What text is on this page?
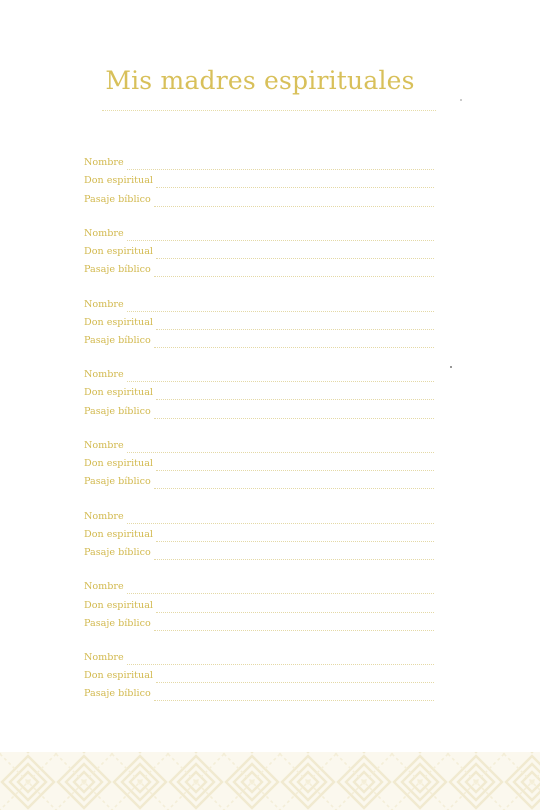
Mis madres espirituales
Nombre
Don espiritual
Pasaje bíblico
Nombre
Don espiritual
Pasaje bíblico
Nombre
Don espiritual
Pasaje bíblico
Nombre
Don espiritual
Pasaje bíblico
Nombre
Don espiritual
Pasaje bíblico
Nombre
Don espiritual
Pasaje bíblico
Nombre
Don espiritual
Pasaje bíblico
Nombre
Don espiritual
Pasaje bíblico
